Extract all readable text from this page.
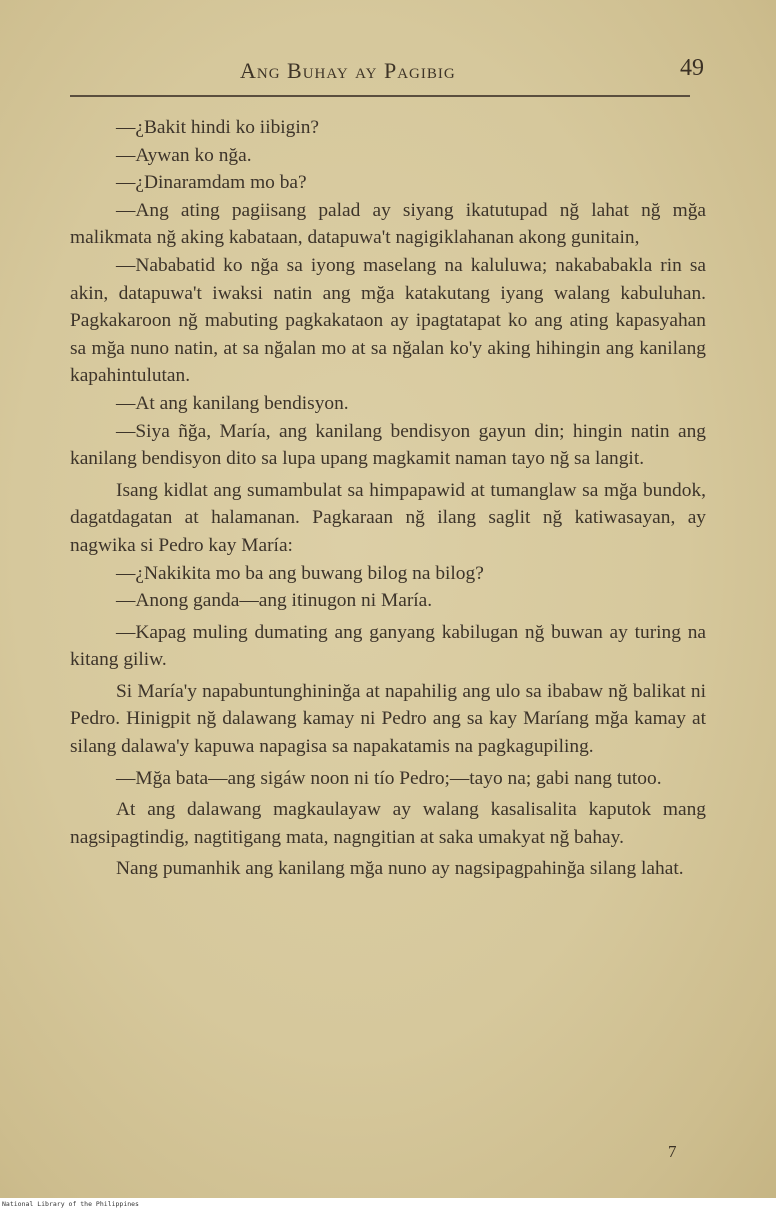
Ang Buhay ay Pagibig	49

—¿Bakit hindi ko iibigin?

—Aywan ko nğa.

—¿Dinaramdam mo ba?

—Ang ating pagiisang palad ay siyang ikatutupad nğ lahat nğ mğa malikmata nğ aking kabataan, datapuwa't nagigiklahanan akong gunitain,

—Nababatid ko nğa sa iyong maselang na kaluluwa; nakababakla rin sa akin, datapuwa't iwaksi natin ang mğa katakutang iyang walang kabuluhan. Pagkakaroon nğ mabuting pagkakataon ay ipagtatapat ko ang ating kapasyahan sa mğa nuno natin, at sa nğalan mo at sa nğalan ko'y aking hihingin ang kanilang kapahintulutan.

—At ang kanilang bendisyon.

—Siya ñğa, María, ang kanilang bendisyon gayun din; hingin natin ang kanilang bendisyon dito sa lupa upang magkamit naman tayo nğ sa langit.

Isang kidlat ang sumambulat sa himpapawid at tumanglaw sa mğa bundok, dagatdagatan at halamanan. Pagkaraan nğ ilang saglit nğ katiwasayan, ay nagwika si Pedro kay María:

—¿Nakikita mo ba ang buwang bilog na bilog?

—Anong ganda—ang itinugon ni María.

—Kapag muling dumating ang ganyang kabilugan nğ buwan ay turing na kitang giliw.

Si María'y napabuntunghininğa at napahilig ang ulo sa ibabaw nğ balikat ni Pedro. Hinigpit nğ dalawang kamay ni Pedro ang sa kay Maríang mğa kamay at silang dalawa'y kapuwa napagisa sa napakatamis na pagkagupiling.

—Mğa bata—ang sigáw noon ni tío Pedro;—tayo na; gabi nang tutoo.

At ang dalawang magkaulayaw ay walang kasalisalita kaputok mang nagsipagtindig, nagtitigang mata, nagngitian at saka umakyat nğ bahay.

Nang pumanhik ang kanilang mğa nuno ay nagsipagpahinğa silang lahat.

7
National Library of the Philippines
